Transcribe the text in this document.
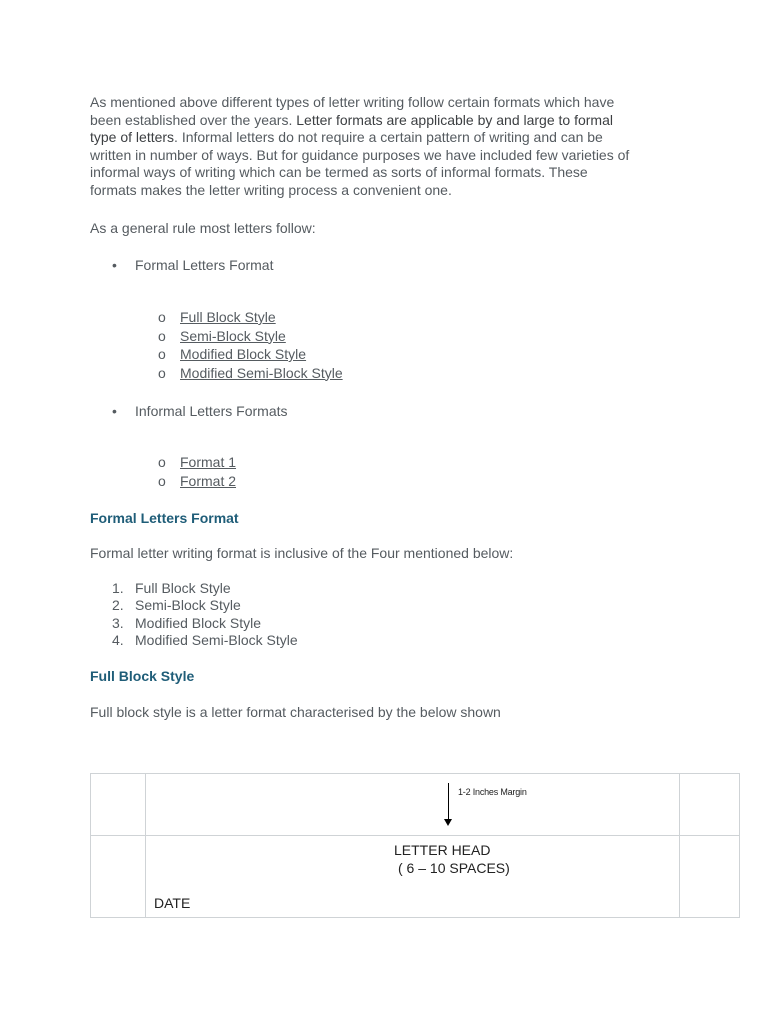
As mentioned above different types of letter writing follow certain formats which have
been established over the years. Letter formats are applicable by and large to formal
type of letters. Informal letters do not require a certain pattern of writing and can be
written in number of ways. But for guidance purposes we have included few varieties of
informal ways of writing which can be termed as sorts of informal formats. These
formats makes the letter writing process a convenient one.
As a general rule most letters follow:
• Formal Letters Format
o Full Block Style
o Semi-Block Style
o Modified Block Style
o Modified Semi-Block Style
• Informal Letters Formats
o Format 1
o Format 2
Formal Letters Format
Formal letter writing format is inclusive of the Four mentioned below:
1. Full Block Style
2. Semi-Block Style
3. Modified Block Style
4. Modified Semi-Block Style
Full Block Style
Full block style is a letter format characterised by the below shown

1-2 Inches Margin
LETTER HEAD
( 6 – 10 SPACES)
DATE
